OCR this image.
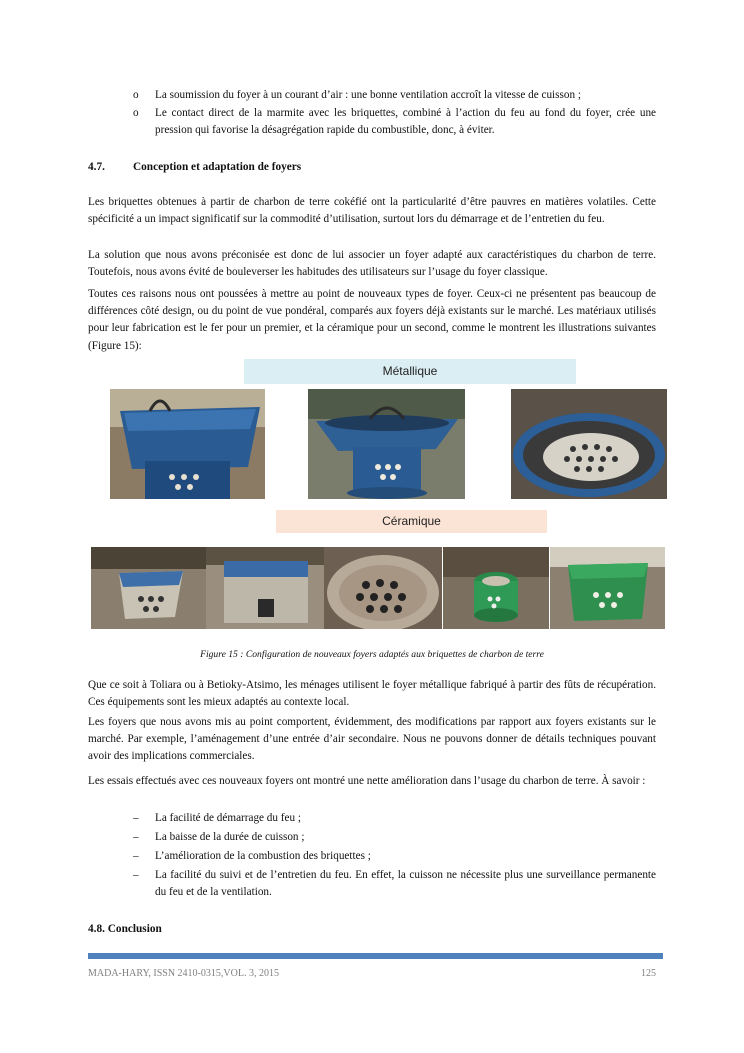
o La soumission du foyer à un courant d’air : une bonne ventilation accroît la vitesse de cuisson ;
o Le contact direct de la marmite avec les briquettes, combiné à l’action du feu au fond du foyer, crée une pression qui favorise la désagrégation rapide du combustible, donc, à éviter.
4.7. Conception et adaptation de foyers
Les briquettes obtenues à partir de charbon de terre cokéfié ont la particularité d’être pauvres en matières volatiles. Cette spécificité a un impact significatif sur la commodité d’utilisation, surtout lors du démarrage et de l’entretien du feu.
La solution que nous avons préconisée est donc de lui associer un foyer adapté aux caractéristiques du charbon de terre. Toutefois, nous avons évité de bouleverser les habitudes des utilisateurs sur l’usage du foyer classique.
Toutes ces raisons nous ont poussées à mettre au point de nouveaux types de foyer. Ceux-ci ne présentent pas beaucoup de différences côté design, ou du point de vue pondéral, comparés aux foyers déjà existants sur le marché. Les matériaux utilisés pour leur fabrication est le fer pour un premier, et la céramique pour un second, comme le montrent les illustrations suivantes (Figure 15):
Métallique
Céramique
Figure 15 : Configuration de nouveaux foyers adaptés aux briquettes de charbon de terre
Que ce soit à Toliara ou à Betioky-Atsimo, les ménages utilisent le foyer métallique fabriqué à partir des fûts de récupération. Ces équipements sont les mieux adaptés au contexte local.
Les foyers que nous avons mis au point comportent, évidemment, des modifications par rapport aux foyers existants sur le marché. Par exemple, l’aménagement d’une entrée d’air secondaire. Nous ne pouvons donner de détails techniques pouvant avoir des implications commerciales.
Les essais effectués avec ces nouveaux foyers ont montré une nette amélioration dans l’usage du charbon de terre. À savoir :
– La facilité de démarrage du feu ;
– La baisse de la durée de cuisson ;
– L’amélioration de la combustion des briquettes ;
– La facilité du suivi et de l’entretien du feu. En effet, la cuisson ne nécessite plus une surveillance permanente du feu et de la ventilation.
4.8. Conclusion
MADA-HARY, ISSN 2410-0315,VOL. 3, 2015	125
